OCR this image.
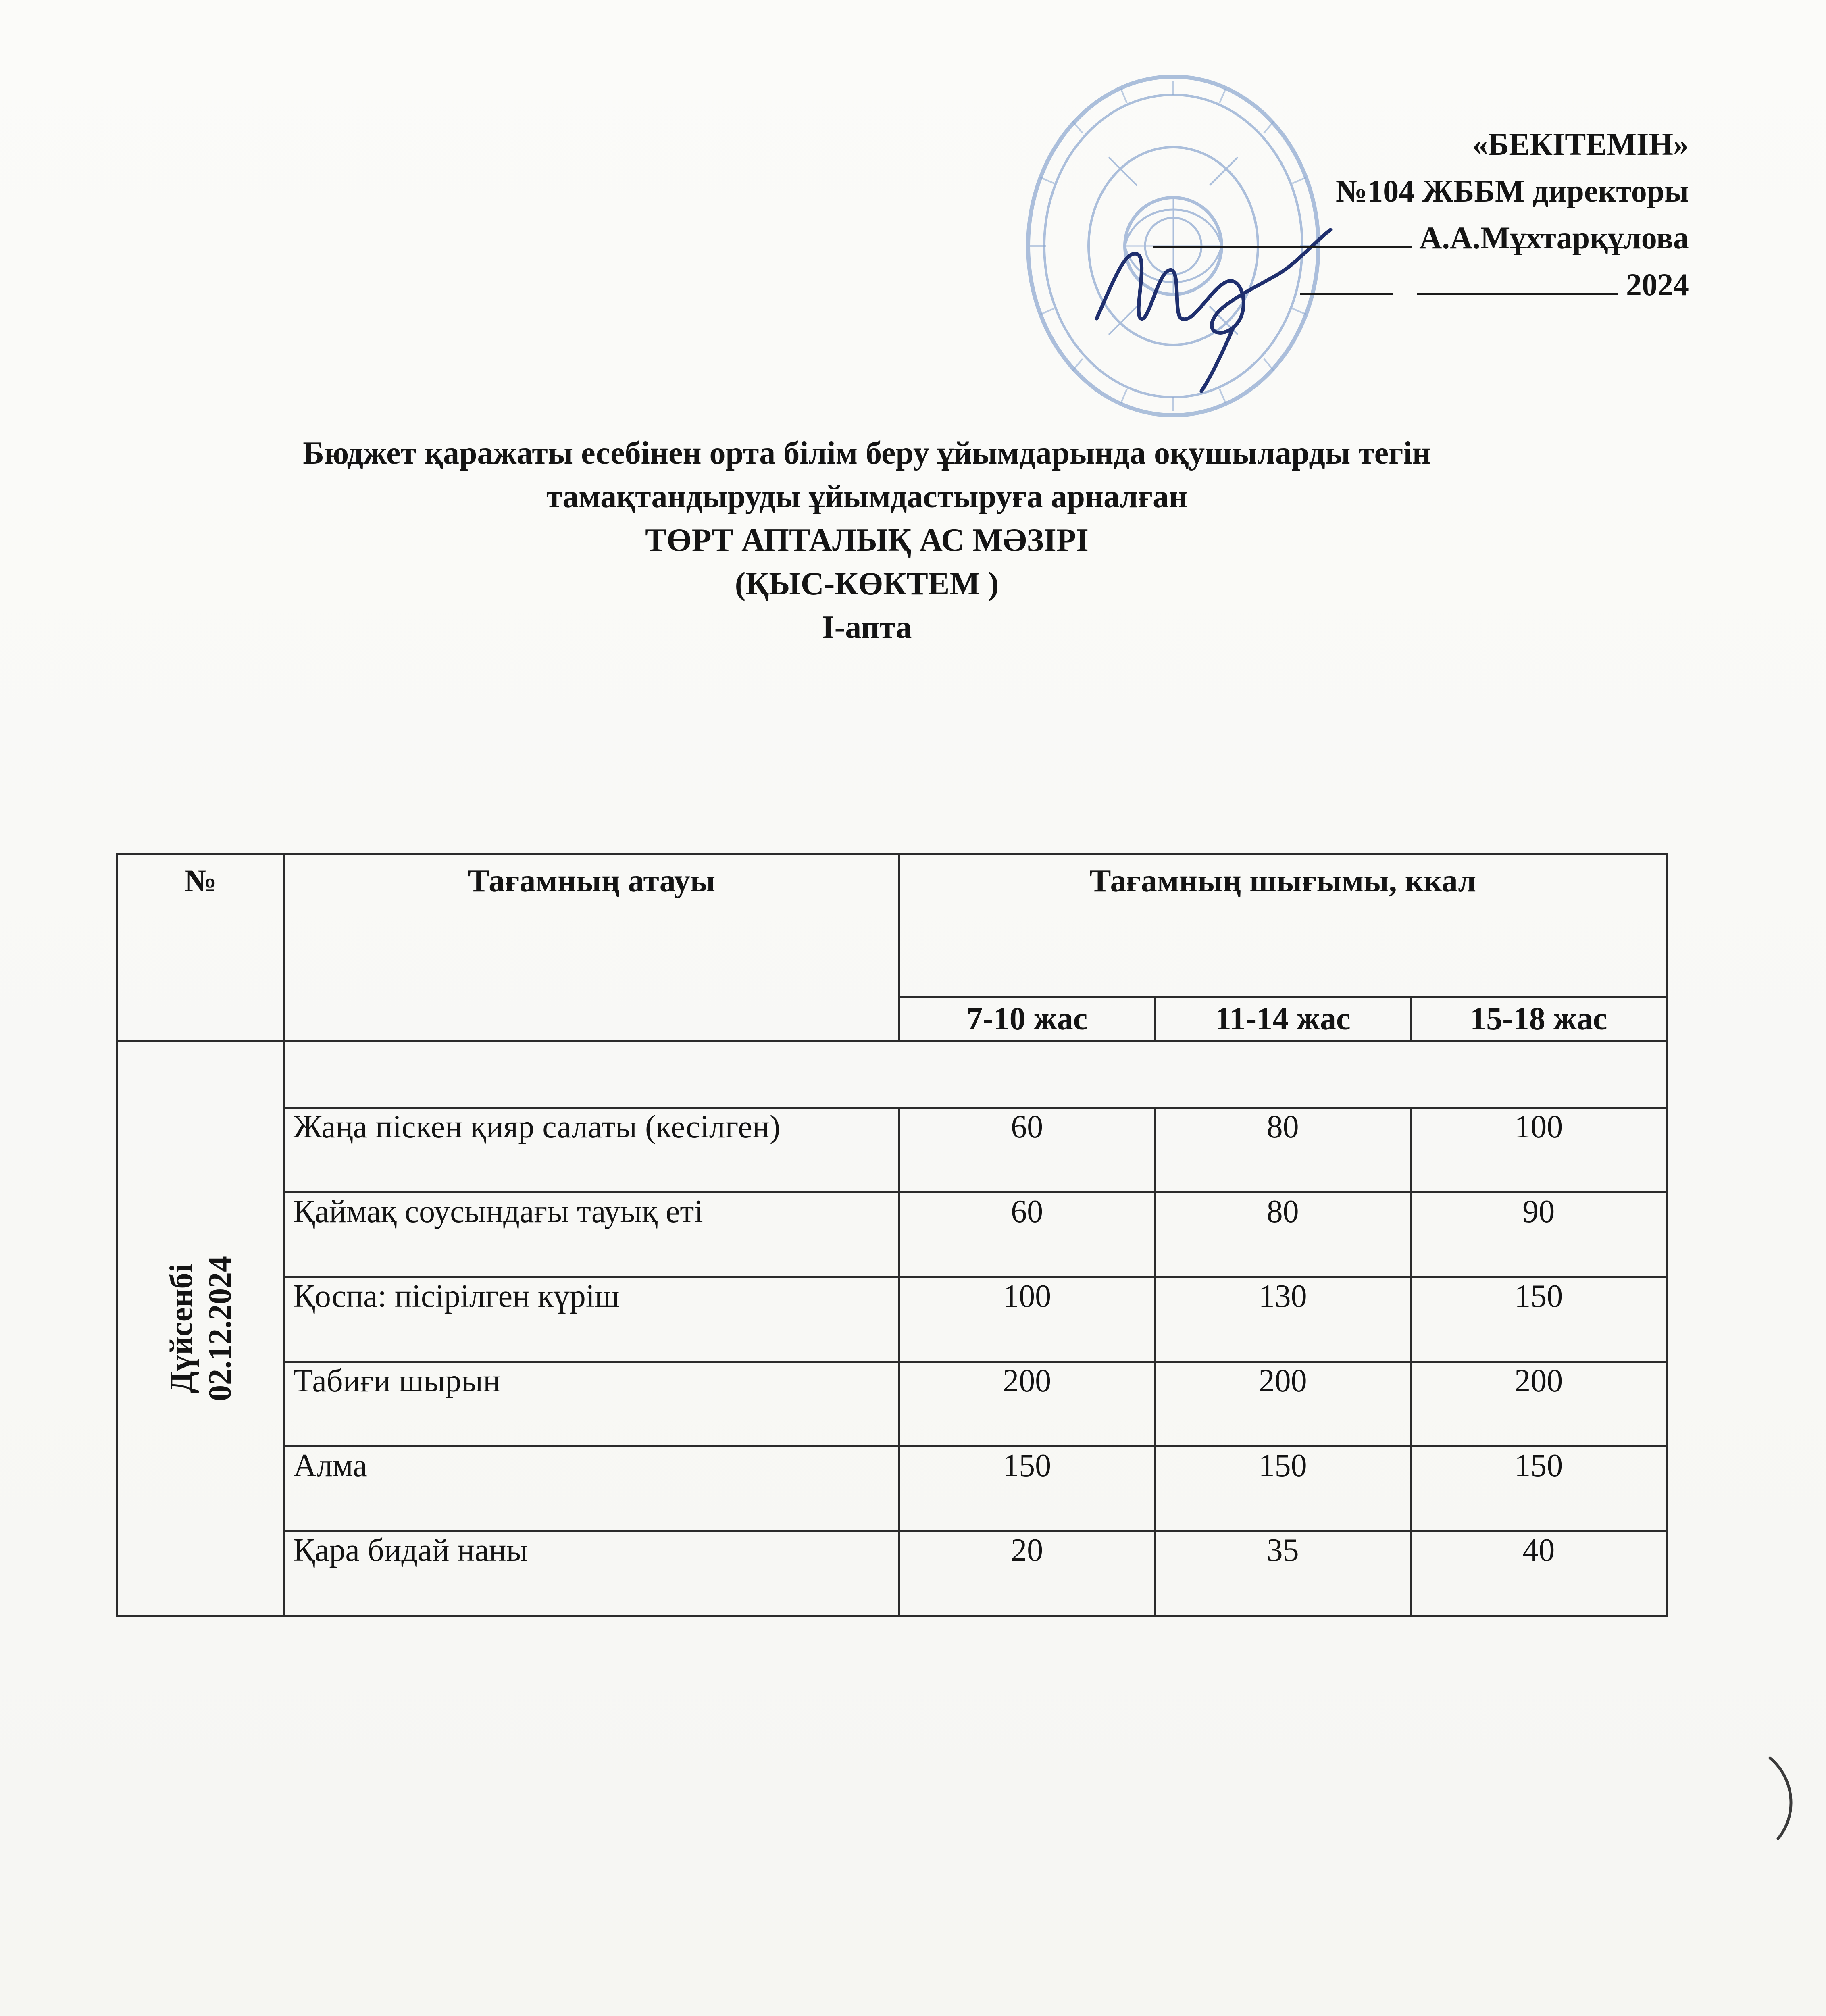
«БЕКІТЕМІН»
№104 ЖББМ директоры
А.А.Мұхтарқұлова
2024
Бюджет қаражаты есебінен орта білім беру ұйымдарында оқушыларды тегін
тамақтандыруды ұйымдастыруға арналған
ТӨРТ АПТАЛЫҚ АС МӘЗІРІ
(ҚЫС-КӨКТЕМ )
І-апта
№	Тағамның атауы	Тағамның шығымы, ккал		
		7-10 жас	11-14 жас	15-18 жас

Дүйсенбі 02.12.2024				

	Жаңа піскен қияр салаты (кесілген)	60	80	100
	Қаймақ соусындағы тауық еті	60	80	90
	Қоспа: пісірілген күріш	100	130	150
	Табиғи шырын	200	200	200
	Алма	150	150	150
	Қара бидай наны	20	35	40
